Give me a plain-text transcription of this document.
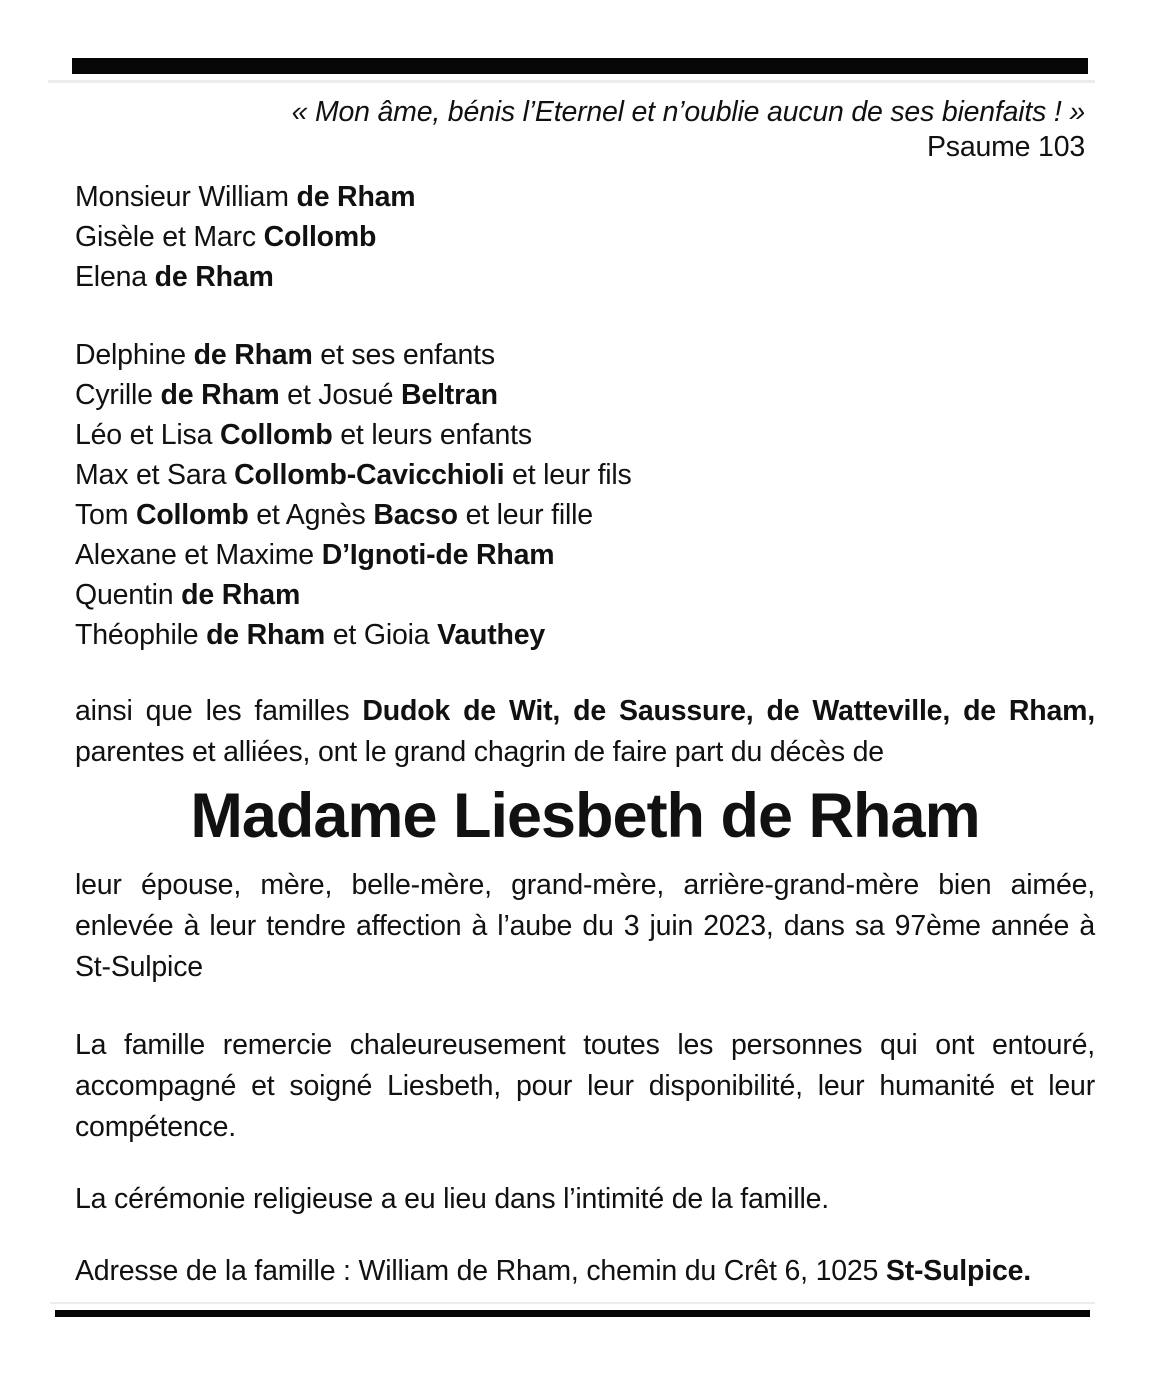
« Mon âme, bénis l’Eternel et n’oublie aucun de ses bienfaits ! »
Psaume 103
Monsieur William de Rham
Gisèle et Marc Collomb
Elena de Rham
Delphine de Rham et ses enfants
Cyrille de Rham et Josué Beltran
Léo et Lisa Collomb et leurs enfants
Max et Sara Collomb-Cavicchioli et leur fils
Tom Collomb et Agnès Bacso et leur fille
Alexane et Maxime D’Ignoti-de Rham
Quentin de Rham
Théophile de Rham et Gioia Vauthey
ainsi que les familles Dudok de Wit, de Saussure, de Watteville, de Rham, parentes et alliées, ont le grand chagrin de faire part du décès de
Madame Liesbeth de Rham
leur épouse, mère, belle-mère, grand-mère, arrière-grand-mère bien aimée, enlevée à leur tendre affection à l’aube du 3 juin 2023, dans sa 97ème année à St-Sulpice
La famille remercie chaleureusement toutes les personnes qui ont entouré, accompagné et soigné Liesbeth, pour leur disponibilité, leur humanité et leur compétence.
La cérémonie religieuse a eu lieu dans l’intimité de la famille.
Adresse de la famille : William de Rham, chemin du Crêt 6, 1025 St-Sulpice.
